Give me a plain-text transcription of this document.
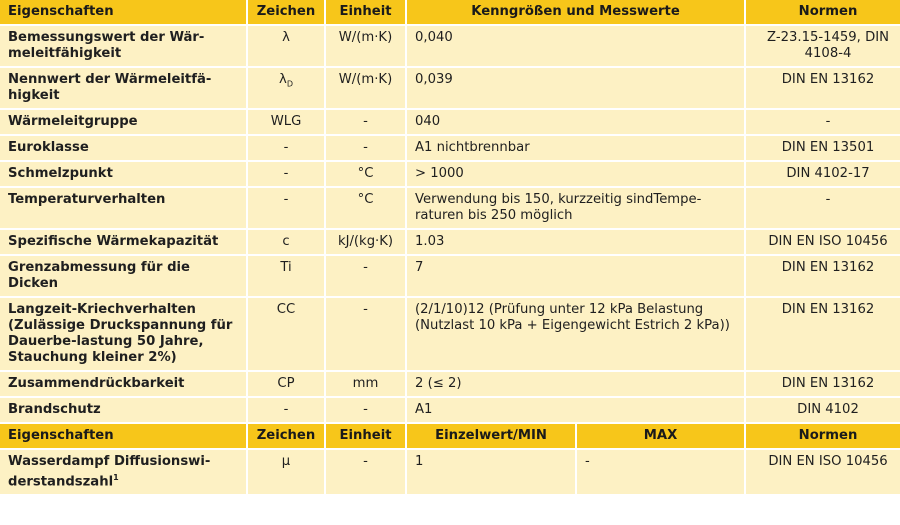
Eigenschaften	Zeichen	Einheit	Kenngrößen und Messwerte		Normen
Bemessungswert der Wär-meleitfähigkeit	λ	W/(m·K)	0,040		Z-23.15-1459, DIN 4108-4
Nennwert der Wärmeleitfä-higkeit	$\lambda_D$	W/(m·K)	0,039		DIN EN 13162
Wärmeleitgruppe	WLG	-	040		-
Euroklasse	-	-	A1 nichtbrennbar		DIN EN 13501
Schmelzpunkt	-	°C	> 1000		DIN 4102-17
Temperaturverhalten	-	°C	Verwendung bis 150, kurzzeitig sindTempe-raturen bis 250 möglich		-
Spezifische Wärmekapazität	c	kJ/(kg·K)	1.03		DIN EN ISO 10456
Grenzabmessung für die Dicken	Ti	-	7		DIN EN 13162
Langzeit-Kriechverhalten (Zulässige Druckspannung für Dauerbe-lastung 50 Jahre, Stauchung kleiner 2%)	CC	-	(2/1/10)12 (Prüfung unter 12 kPa Belastung (Nutzlast 10 kPa + Eigengewicht Estrich 2 kPa))		DIN EN 13162
Zusammendrückbarkeit	CP	mm	2 (≤ 2)		DIN EN 13162
Brandschutz	-	-	A1		DIN 4102
Eigenschaften	Zeichen	Einheit	Einzelwert/MIN	MAX	Normen
Wasserdampf Diffusionswi-derstandszahl$^1$	μ	-	1	-	DIN EN ISO 10456
